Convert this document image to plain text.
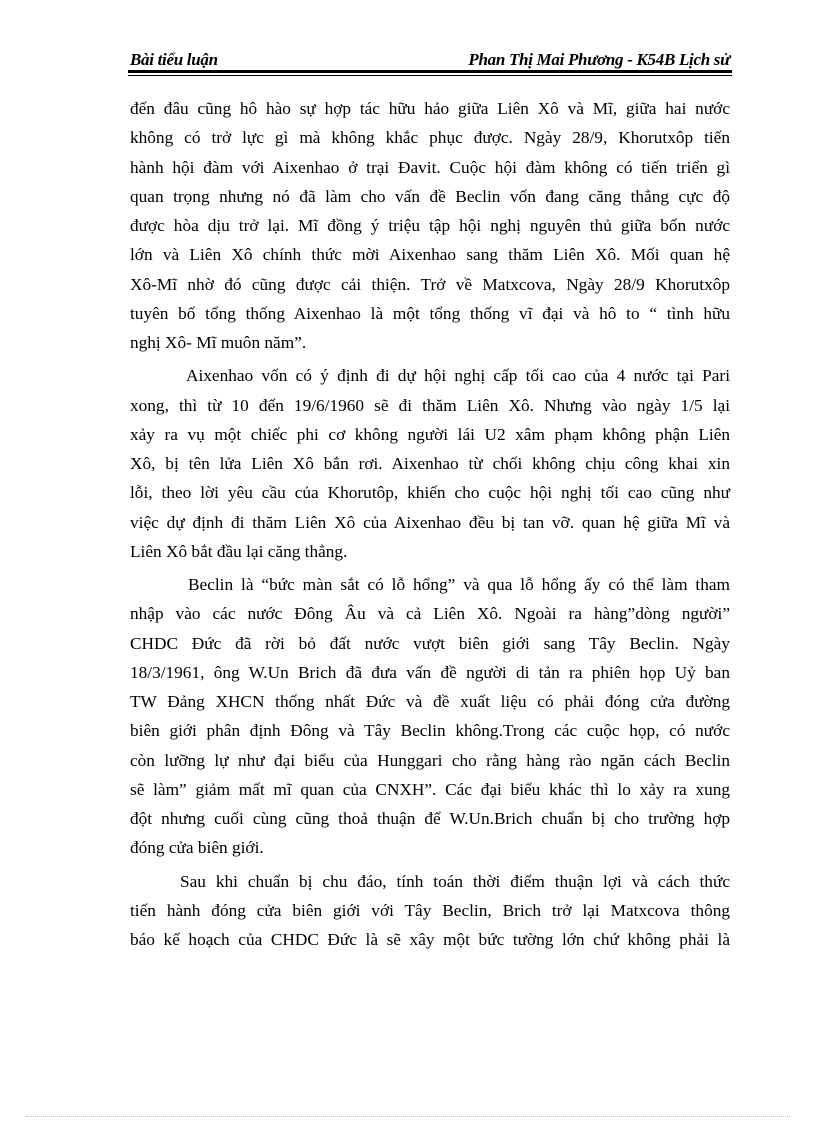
Bài tiểu luận	Phan Thị Mai Phương - K54B Lịch sử
đến đâu cũng hô hào sự hợp tác hữu hảo giữa Liên Xô và Mĩ, giữa hai nước
không có trở lực gì mà không khắc phục được. Ngày 28/9, Khorutxôp tiến
hành hội đàm với Aixenhao ở trại Đavit. Cuộc hội đàm không có tiến triển gì
quan trọng nhưng nó đã làm cho vấn đề Beclin vốn đang căng thẳng cực độ
được hòa dịu trở lại. Mĩ đồng ý triệu tập hội nghị nguyên thủ giữa bốn nước
lớn và Liên Xô chính thức mời Aixenhao sang thăm Liên Xô. Mối quan hệ
Xô-Mĩ nhờ đó cũng được cải thiện. Trở về Matxcova, Ngày 28/9 Khorutxôp
tuyên bố tổng thống Aixenhao là một tổng thống vĩ đại và hô to “ tình hữu
nghị Xô- Mĩ muôn năm”.
Aixenhao vốn có ý định đi dự hội nghị cấp tối cao của 4 nước tại Pari
xong, thì từ 10 đến 19/6/1960 sẽ đi thăm Liên Xô. Nhưng vào ngày 1/5 lại
xảy ra vụ một chiếc phi cơ không người lái U2 xâm phạm không phận Liên
Xô, bị tên lửa Liên Xô bắn rơi. Aixenhao từ chối không chịu công khai xin
lỗi, theo lời yêu cầu của Khorutôp, khiến cho cuộc hội nghị tối cao cũng như
việc dự định đi thăm Liên Xô của Aixenhao đều bị tan vỡ. quan hệ giữa Mĩ và
Liên Xô bắt đầu lại căng thẳng.
Beclin là “bức màn sắt có lỗ hổng” và qua lỗ hổng ấy có thể làm tham
nhập vào các nước Đông Âu và cả Liên Xô. Ngoài ra hàng”dòng người”
CHDC Đức đã rời bỏ đất nước vượt biên giới sang Tây Beclin. Ngày
18/3/1961, ông W.Un Brich đã đưa vấn đề người di tản ra phiên họp Uỷ ban
TW Đảng XHCN thống nhất Đức và đề xuất liệu có phải đóng cửa đường
biên giới phân định Đông và Tây Beclin không.Trong các cuộc họp, có nước
còn lưỡng lự như đại biểu của Hunggari cho rằng hàng rào ngăn cách Beclin
sẽ làm” giảm mất mĩ quan của CNXH”. Các đại biểu khác thì lo xảy ra xung
đột nhưng cuối cùng cũng thoả thuận để W.Un.Brich chuẩn bị cho trường hợp
đóng cửa biên giới.
Sau khi chuẩn bị chu đáo, tính toán thời điểm thuận lợi và cách thức
tiến hành đóng cửa biên giới với Tây Beclin, Brich trở lại Matxcova thông
báo kế hoạch của CHDC Đức là sẽ xây một bức tường lớn chứ không phải là
